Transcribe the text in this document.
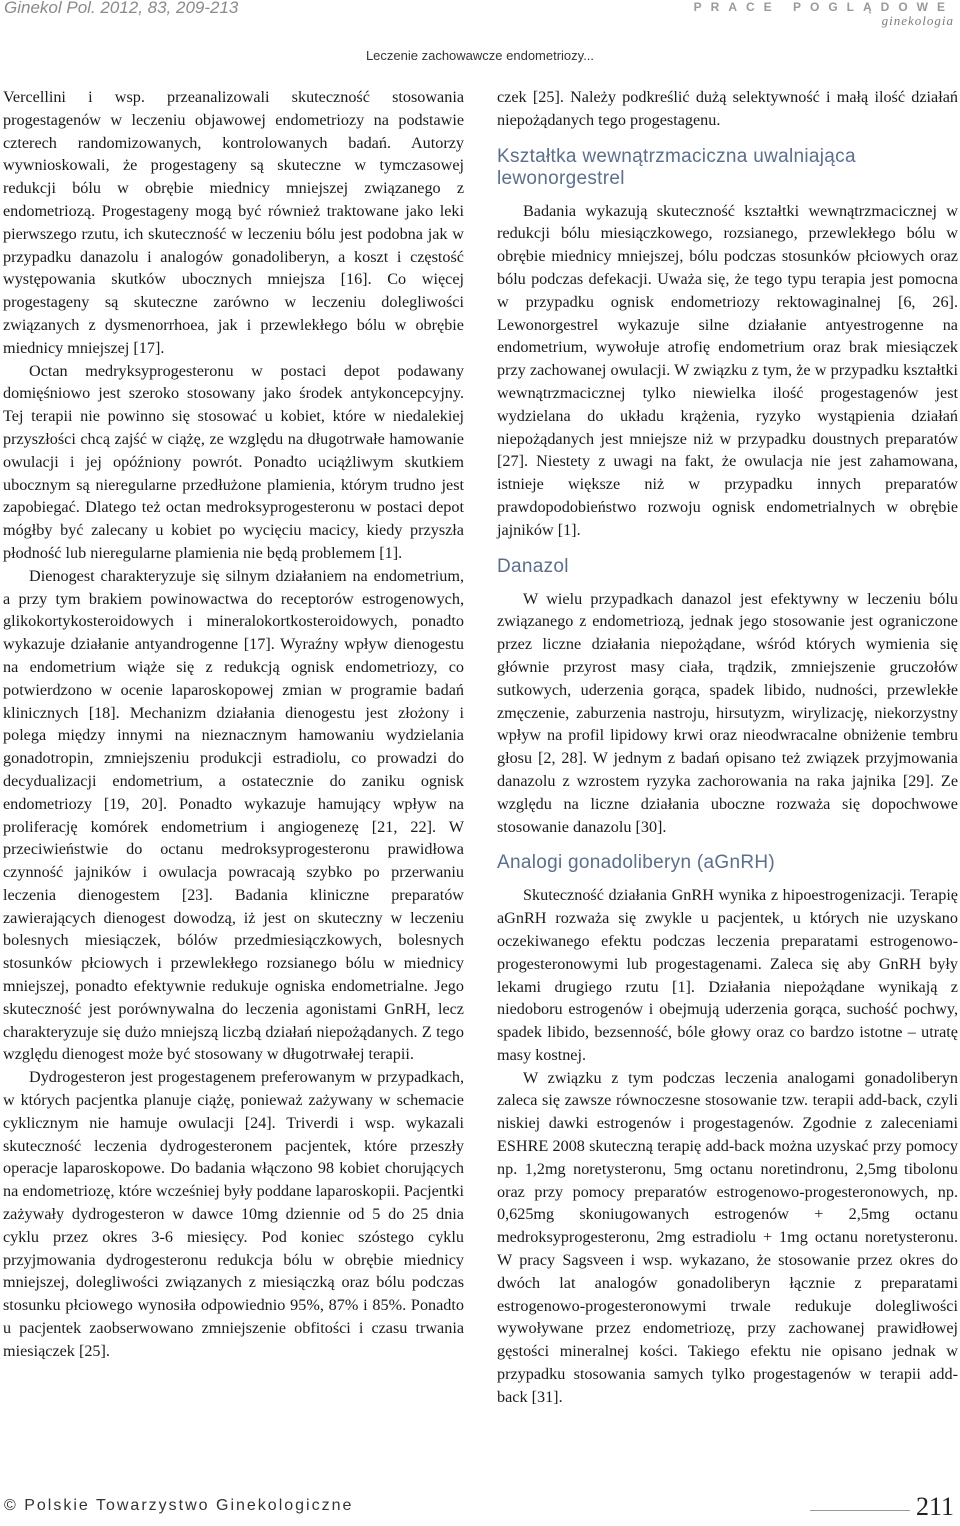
Ginekol Pol. 2012, 83, 209-213	PRACE POGLĄDOWE
ginekologia
Leczenie zachowawcze endometriozy...

Vercellini i wsp. przeanalizowali skuteczność stosowania progestagenów w leczeniu objawowej endometriozy na podstawie czterech randomizowanych, kontrolowanych badań. Autorzy wywnioskowali, że progestageny są skuteczne w tymczasowej redukcji bólu w obrębie miednicy mniejszej związanego z endometriozą. Progestageny mogą być również traktowane jako leki pierwszego rzutu, ich skuteczność w leczeniu bólu jest podobna jak w przypadku danazolu i analogów gonadoliberyn, a koszt i częstość występowania skutków ubocznych mniejsza [16]. Co więcej progestageny są skuteczne zarówno w leczeniu dolegliwości związanych z dysmenorrhoea, jak i przewlekłego bólu w obrębie miednicy mniejszej [17].

Octan medryksyprogesteronu w postaci depot podawany domięśniowo jest szeroko stosowany jako środek antykoncepcyjny. Tej terapii nie powinno się stosować u kobiet, które w niedalekiej przyszłości chcą zajść w ciążę, ze względu na długotrwałe hamowanie owulacji i jej opóźniony powrót. Ponadto uciążliwym skutkiem ubocznym są nieregularne przedłużone plamienia, którym trudno jest zapobiegać. Dlatego też octan medroksyprogesteronu w postaci depot mógłby być zalecany u kobiet po wycięciu macicy, kiedy przyszła płodność lub nieregularne plamienia nie będą problemem [1].

Dienogest charakteryzuje się silnym działaniem na endometrium, a przy tym brakiem powinowactwa do receptorów estrogenowych, glikokortykosteroidowych i mineralokortkosteroidowych, ponadto wykazuje działanie antyandrogenne [17]. Wyraźny wpływ dienogestu na endometrium wiąże się z redukcją ognisk endometriozy, co potwierdzono w ocenie laparoskopowej zmian w programie badań klinicznych [18]. Mechanizm działania dienogestu jest złożony i polega między innymi na nieznacznym hamowaniu wydzielania gonadotropin, zmniejszeniu produkcji estradiolu, co prowadzi do decydualizacji endometrium, a ostatecznie do zaniku ognisk endometriozy [19, 20]. Ponadto wykazuje hamujący wpływ na proliferację komórek endometrium i angiogenezę [21, 22]. W przeciwieństwie do octanu medroksyprogesteronu prawidłowa czynność jajników i owulacja powracają szybko po przerwaniu leczenia dienogestem [23]. Badania kliniczne preparatów zawierających dienogest dowodzą, iż jest on skuteczny w leczeniu bolesnych miesiączek, bólów przedmiesiączkowych, bolesnych stosunków płciowych i przewlekłego rozsianego bólu w miednicy mniejszej, ponadto efektywnie redukuje ogniska endometrialne. Jego skuteczność jest porównywalna do leczenia agonistami GnRH, lecz charakteryzuje się dużo mniejszą liczbą działań niepożądanych. Z tego względu dienogest może być stosowany w długotrwałej terapii.

Dydrogesteron jest progestagenem preferowanym w przypadkach, w których pacjentka planuje ciążę, ponieważ zażywany w schemacie cyklicznym nie hamuje owulacji [24]. Triverdi i wsp. wykazali skuteczność leczenia dydrogesteronem pacjentek, które przeszły operacje laparoskopowe. Do badania włączono 98 kobiet chorujących na endometriozę, które wcześniej były poddane laparoskopii. Pacjentki zażywały dydrogesteron w dawce 10mg dziennie od 5 do 25 dnia cyklu przez okres 3-6 miesięcy. Pod koniec szóstego cyklu przyjmowania dydrogesteronu redukcja bólu w obrębie miednicy mniejszej, dolegliwości związanych z miesiączką oraz bólu podczas stosunku płciowego wynosiła odpowiednio 95%, 87% i 85%. Ponadto u pacjentek zaobserwowano zmniejszenie obfitości i czasu trwania miesiączek [25].

czek [25]. Należy podkreślić dużą selektywność i małą ilość działań niepożądanych tego progestagenu.

Kształtka wewnątrzmaciczna uwalniająca lewonorgestrel

Badania wykazują skuteczność kształtki wewnątrzmacicznej w redukcji bólu miesiączkowego, rozsianego, przewlekłego bólu w obrębie miednicy mniejszej, bólu podczas stosunków płciowych oraz bólu podczas defekacji. Uważa się, że tego typu terapia jest pomocna w przypadku ognisk endometriozy rektowaginalnej [6, 26]. Lewonorgestrel wykazuje silne działanie antyestrogenne na endometrium, wywołuje atrofię endometrium oraz brak miesiączek przy zachowanej owulacji. W związku z tym, że w przypadku kształtki wewnątrzmacicznej tylko niewielka ilość progestagenów jest wydzielana do układu krążenia, ryzyko wystąpienia działań niepożądanych jest mniejsze niż w przypadku doustnych preparatów [27]. Niestety z uwagi na fakt, że owulacja nie jest zahamowana, istnieje większe niż w przypadku innych preparatów prawdopodobieństwo rozwoju ognisk endometrialnych w obrębie jajników [1].

Danazol

W wielu przypadkach danazol jest efektywny w leczeniu bólu związanego z endometriozą, jednak jego stosowanie jest ograniczone przez liczne działania niepożądane, wśród których wymienia się głównie przyrost masy ciała, trądzik, zmniejszenie gruczołów sutkowych, uderzenia gorąca, spadek libido, nudności, przewlekłe zmęczenie, zaburzenia nastroju, hirsutyzm, wirylizację, niekorzystny wpływ na profil lipidowy krwi oraz nieodwracalne obniżenie tembru głosu [2, 28]. W jednym z badań opisano też związek przyjmowania danazolu z wzrostem ryzyka zachorowania na raka jajnika [29]. Ze względu na liczne działania uboczne rozważa się dopochwowe stosowanie danazolu [30].

Analogi gonadoliberyn (aGnRH)

Skuteczność działania GnRH wynika z hipoestrogenizacji. Terapię aGnRH rozważa się zwykle u pacjentek, u których nie uzyskano oczekiwanego efektu podczas leczenia preparatami estrogenowo-progesteronowymi lub progestagenami. Zaleca się aby GnRH były lekami drugiego rzutu [1]. Działania niepożądane wynikają z niedoboru estrogenów i obejmują uderzenia gorąca, suchość pochwy, spadek libido, bezsenność, bóle głowy oraz co bardzo istotne – utratę masy kostnej.

W związku z tym podczas leczenia analogami gonadoliberyn zaleca się zawsze równoczesne stosowanie tzw. terapii add-back, czyli niskiej dawki estrogenów i progestagenów. Zgodnie z zaleceniami ESHRE 2008 skuteczną terapię add-back można uzyskać przy pomocy np. 1,2mg noretysteronu, 5mg octanu noretindronu, 2,5mg tibolonu oraz przy pomocy preparatów estrogenowo-progesteronowych, np. 0,625mg skoniugowanych estrogenów + 2,5mg octanu medroksyprogesteronu, 2mg estradiolu + 1mg octanu noretysteronu. W pracy Sagsveen i wsp. wykazano, że stosowanie przez okres do dwóch lat analogów gonadoliberyn łącznie z preparatami estrogenowo-progesteronowymi trwale redukuje dolegliwości wywoływane przez endometriozę, przy zachowanej prawidłowej gęstości mineralnej kości. Takiego efektu nie opisano jednak w przypadku stosowania samych tylko progestagenów w terapii add-back [31].

© Polskie Towarzystwo Ginekologiczne	211
